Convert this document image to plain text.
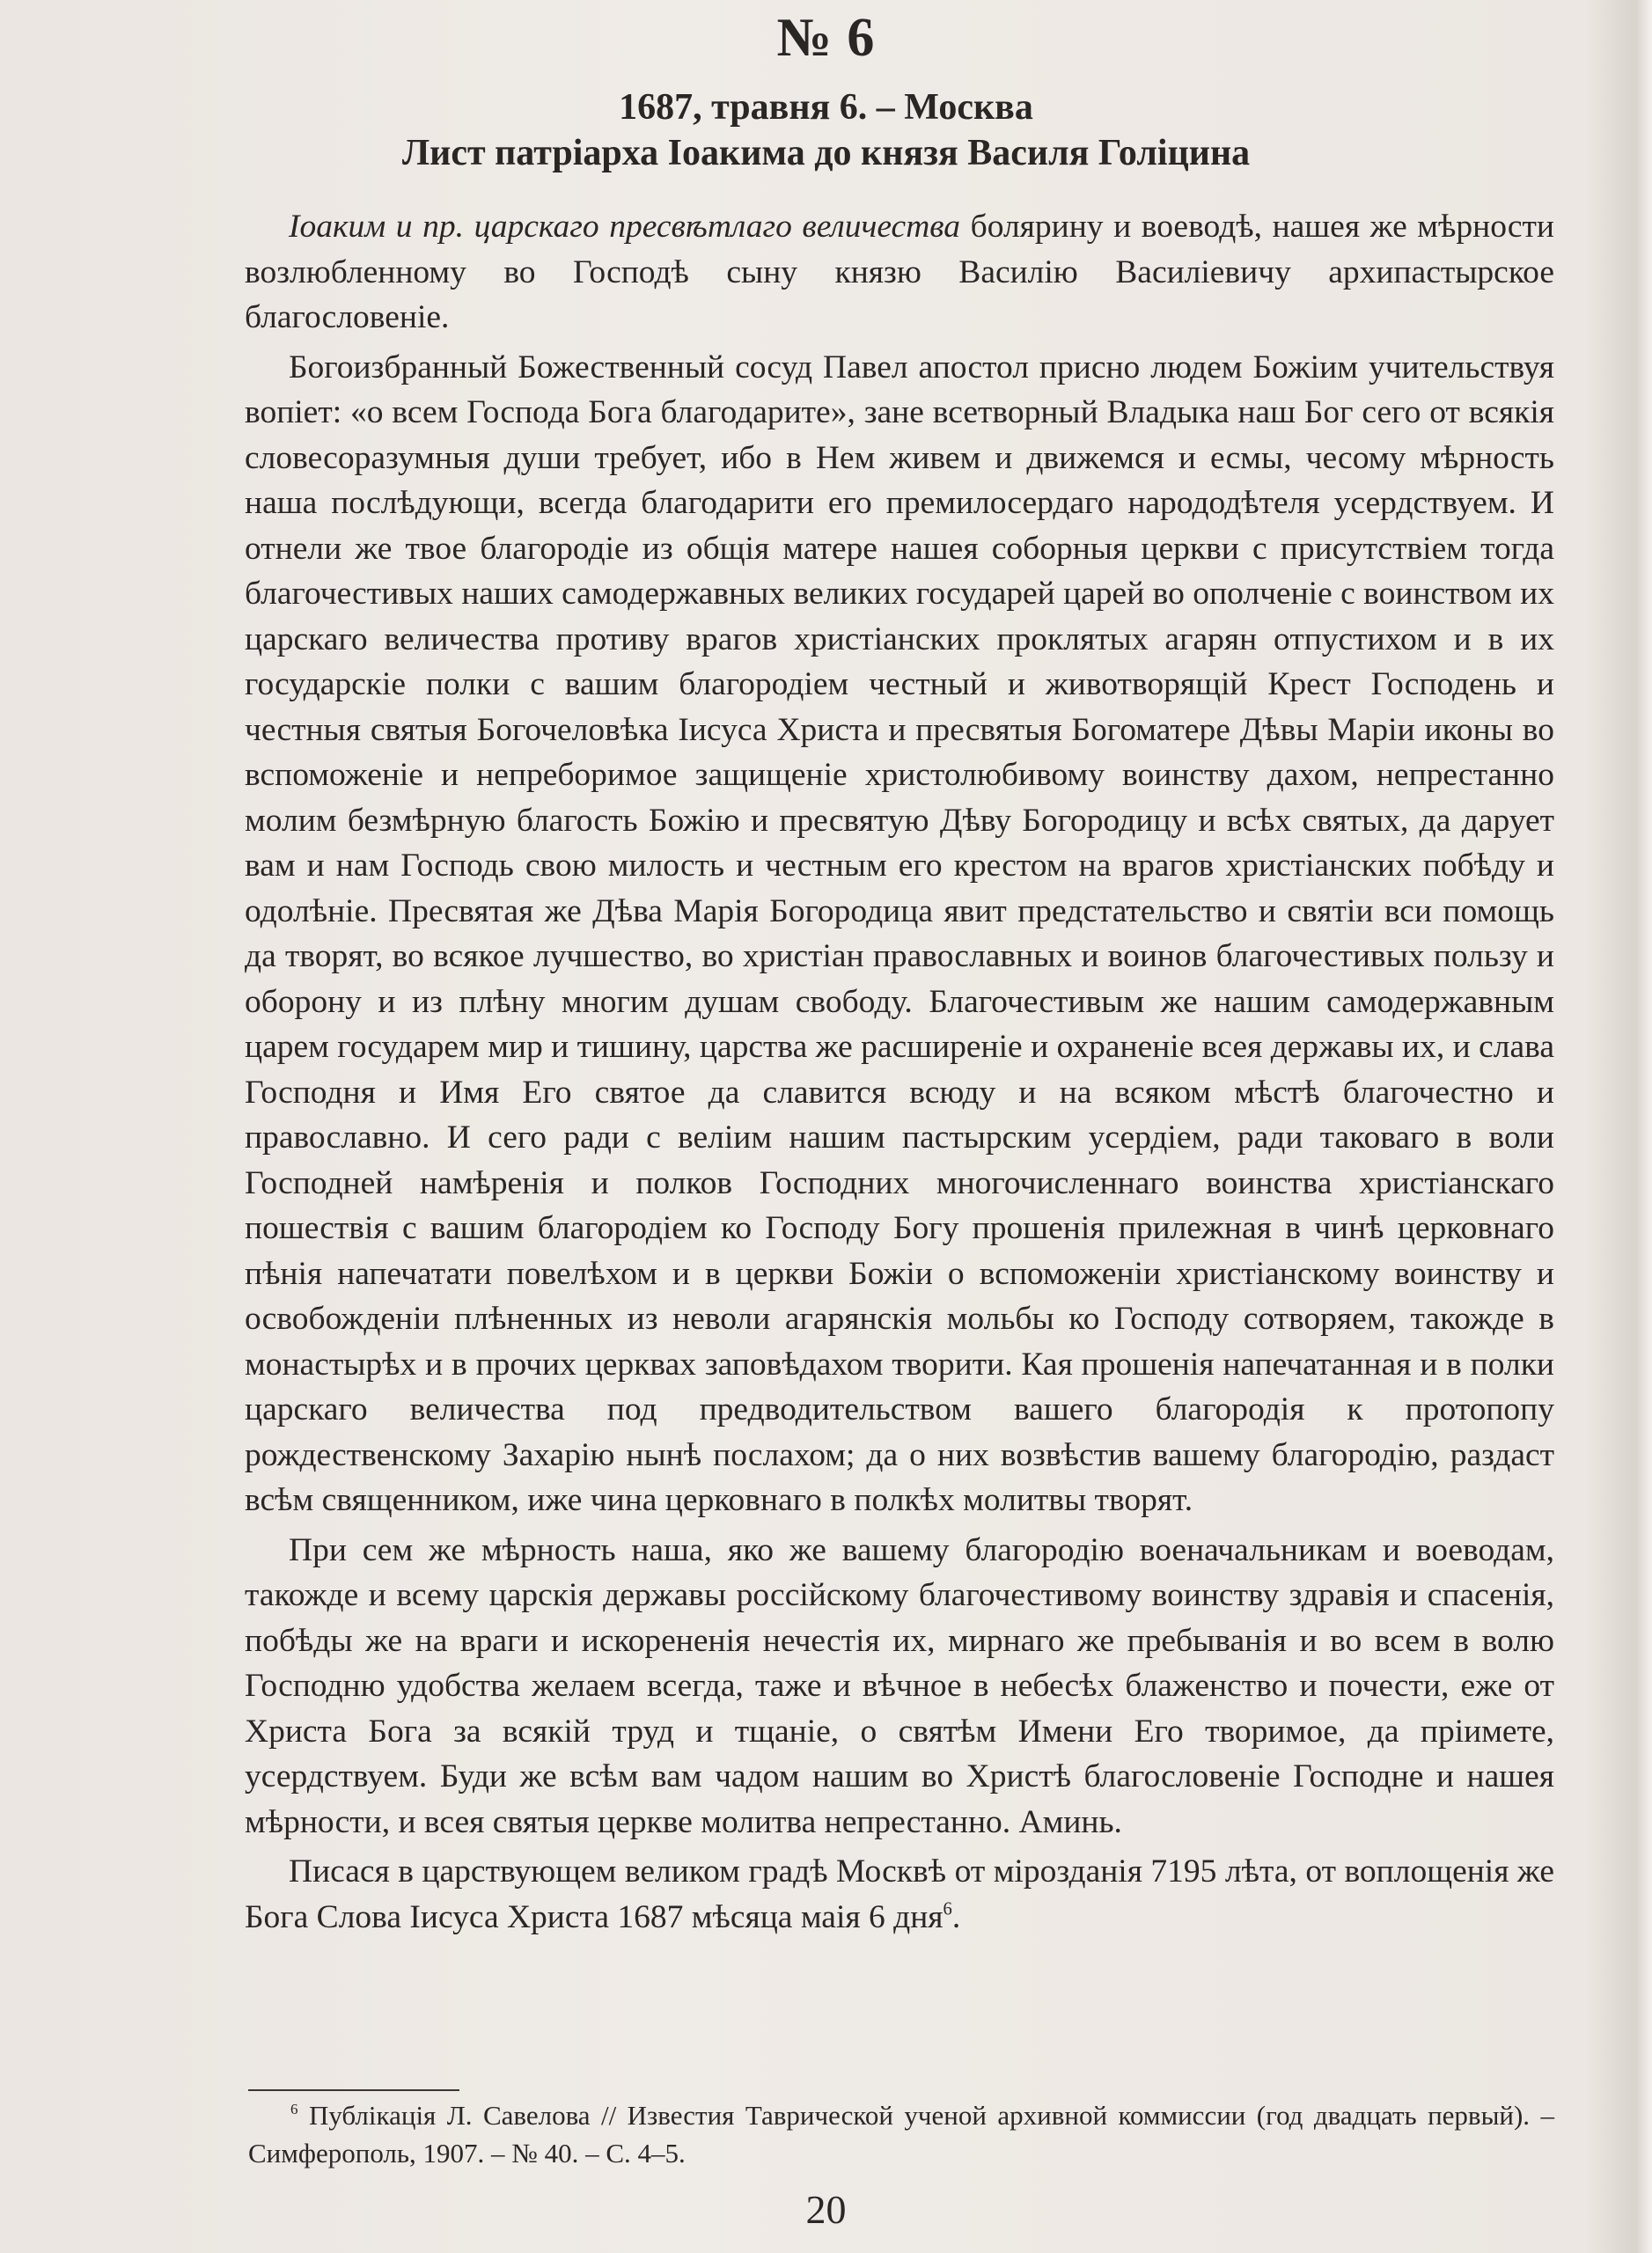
№ 6
1687, травня 6. – Москва
Лист патріарха Іоакима до князя Василя Голіцина

Іоаким и пр. царскаго пресвѣтлаго величества болярину и воеводѣ, нашея же мѣрности возлюбленному во Господѣ сыну князю Василію Василіевичу архипастырское благословеніе.

Богоизбранный Божественный сосуд Павел апостол присно людем Божіим учительствуя вопіет: «о всем Господа Бога благодарите», зане всетворный Владыка наш Бог сего от всякія словесоразумныя души требует, ибо в Нем живем и движемся и есмы, чесому мѣрность наша послѣдующи, всегда благодарити его премилосердаго народодѣтеля усердствуем. И отнели же твое благородіе из общія матере нашея соборныя церкви с присутствіем тогда благочестивых наших самодержавных великих государей царей во ополченіе с воинством их царскаго величества противу врагов христіанских проклятых агарян отпустихом и в их государскіе полки с вашим благородіем честный и животворящій Крест Господень и честныя святыя Богочеловѣка Іисуса Христа и пресвятыя Богоматере Дѣвы Маріи иконы во вспоможеніе и непреборимое защищеніе христолюбивому воинству дахом, непрестанно молим безмѣрную благость Божію и пресвятую Дѣву Богородицу и всѣх святых, да дарует вам и нам Господь свою милость и честным его крестом на врагов христіанских побѣду и одолѣніе. Пресвятая же Дѣва Марія Богородица явит предстательство и святіи вси помощь да творят, во всякое лучшество, во христіан православных и воинов благочестивых пользу и оборону и из плѣну многим душам свободу. Благочестивым же нашим самодержавным царем государем мир и тишину, царства же расширеніе и охраненіе всея державы их, и слава Господня и Имя Его святое да славится всюду и на всяком мѣстѣ благочестно и православно. И сего ради с веліим нашим пастырским усердіем, ради таковаго в воли Господней намѣренія и полков Господних многочисленнаго воинства христіанскаго пошествія с вашим благородіем ко Господу Богу прошенія прилежная в чинѣ церковнаго пѣнія напечатати повелѣхом и в церкви Божіи о вспоможеніи христіанскому воинству и освобожденіи плѣненных из неволи агарянскія мольбы ко Господу сотворяем, такожде в монастырѣх и в прочих церквах заповѣдахом творити. Кая прошенія напечатанная и в полки царскаго величества под предводительством вашего благородія к протопопу рождественскому Захарію нынѣ послахом; да о них возвѣстив вашему благородію, раздаст всѣм священником, иже чина церковнаго в полкѣх молитвы творят.

При сем же мѣрность наша, яко же вашему благородію военачальникам и воеводам, такожде и всему царскія державы россійскому благочестивому воинству здравія и спасенія, побѣды же на враги и искорененія нечестія их, мирнаго же пребыванія и во всем в волю Господню удобства желаем всегда, таже и вѣчное в небесѣх блаженство и почести, еже от Христа Бога за всякій труд и тщаніе, о святѣм Имени Его творимое, да пріимете, усердствуем. Буди же всѣм вам чадом нашим во Христѣ благословеніе Господне и нашея мѣрности, и всея святыя церкве молитва непрестанно. Аминь.

Писася в царствующем великом градѣ Москвѣ от мірозданія 7195 лѣта, от воплощенія же Бога Слова Іисуса Христа 1687 мѣсяца маія 6 дня$^6$.

$^6$ Публікація Л. Савелова // Известия Таврической ученой архивной коммиссии (год двадцать первый). – Симферополь, 1907. – № 40. – С. 4–5.

20
